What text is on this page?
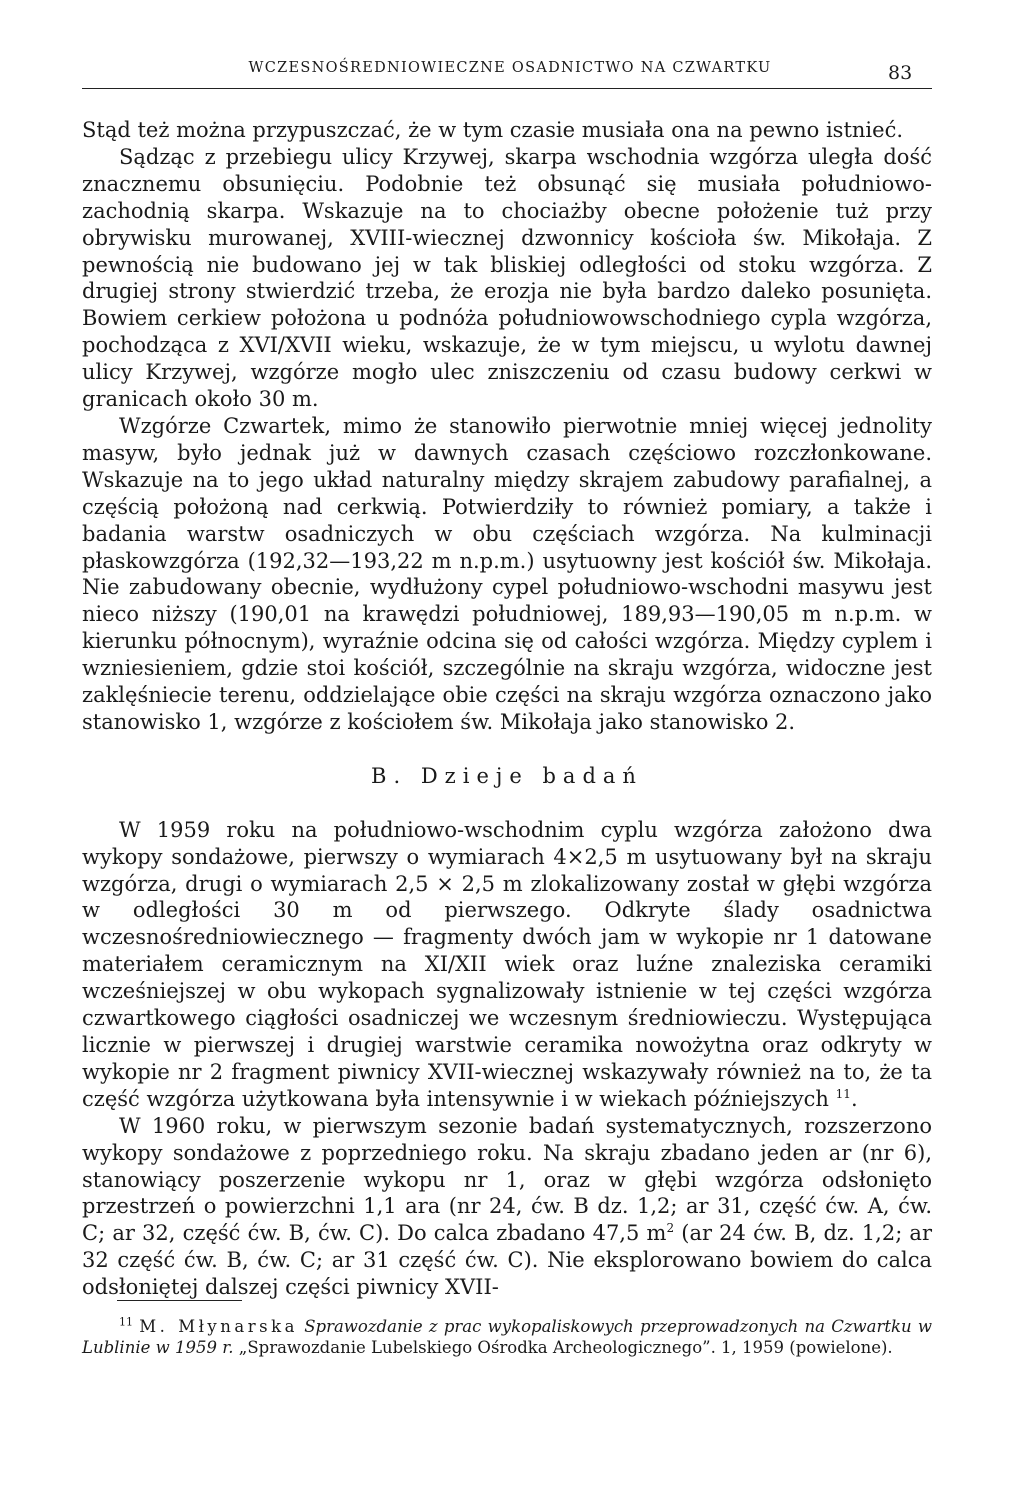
WCZESNOŚREDNIOWIECZNE OSADNICTWO NA CZWARTKU	83

Stąd też można przypuszczać, że w tym czasie musiała ona na pewno istnieć.

Sądząc z przebiegu ulicy Krzywej, skarpa wschodnia wzgórza uległa dość znacznemu obsunięciu. Podobnie też obsunąć się musiała południowo-zachodnią skarpa. Wskazuje na to chociażby obecne położenie tuż przy obrywisku murowanej, XVIII-wiecznej dzwonnicy kościoła św. Mikołaja. Z pewnością nie budowano jej w tak bliskiej odległości od stoku wzgórza. Z drugiej strony stwierdzić trzeba, że erozja nie była bardzo daleko posunięta. Bowiem cerkiew położona u podnóża południowowschodniego cypla wzgórza, pochodząca z XVI/XVII wieku, wskazuje, że w tym miejscu, u wylotu dawnej ulicy Krzywej, wzgórze mogło ulec zniszczeniu od czasu budowy cerkwi w granicach około 30 m.

Wzgórze Czwartek, mimo że stanowiło pierwotnie mniej więcej jednolity masyw, było jednak już w dawnych czasach częściowo rozczłonkowane. Wskazuje na to jego układ naturalny między skrajem zabudowy parafialnej, a częścią położoną nad cerkwią. Potwierdziły to również pomiary, a także i badania warstw osadniczych w obu częściach wzgórza. Na kulminacji płaskowzgórza (192,32—193,22 m n.p.m.) usytuowny jest kościół św. Mikołaja. Nie zabudowany obecnie, wydłużony cypel południowo-wschodni masywu jest nieco niższy (190,01 na krawędzi południowej, 189,93—190,05 m n.p.m. w kierunku północnym), wyraźnie odcina się od całości wzgórza. Między cyplem i wzniesieniem, gdzie stoi kościół, szczególnie na skraju wzgórza, widoczne jest zaklęśniecie terenu, oddzielające obie części na skraju wzgórza oznaczono jako stanowisko 1, wzgórze z kościołem św. Mikołaja jako stanowisko 2.

B. Dzieje badań

W 1959 roku na południowo-wschodnim cyplu wzgórza założono dwa wykopy sondażowe, pierwszy o wymiarach 4×2,5 m usytuowany był na skraju wzgórza, drugi o wymiarach 2,5 × 2,5 m zlokalizowany został w głębi wzgórza w odległości 30 m od pierwszego. Odkryte ślady osadnictwa wczesnośredniowiecznego — fragmenty dwóch jam w wykopie nr 1 datowane materiałem ceramicznym na XI/XII wiek oraz luźne znaleziska ceramiki wcześniejszej w obu wykopach sygnalizowały istnienie w tej części wzgórza czwartkowego ciągłości osadniczej we wczesnym średniowieczu. Występująca licznie w pierwszej i drugiej warstwie ceramika nowożytna oraz odkryty w wykopie nr 2 fragment piwnicy XVII-wiecznej wskazywały również na to, że ta część wzgórza użytkowana była intensywnie i w wiekach późniejszych $^{11}$.

W 1960 roku, w pierwszym sezonie badań systematycznych, rozszerzono wykopy sondażowe z poprzedniego roku. Na skraju zbadano jeden ar (nr 6), stanowiący poszerzenie wykopu nr 1, oraz w głębi wzgórza odsłonięto przestrzeń o powierzchni 1,1 ara (nr 24, ćw. B dz. 1,2; ar 31, część ćw. A, ćw. C; ar 32, część ćw. B, ćw. C). Do calca zbadano 47,5 $m^2$ (ar 24 ćw. B, dz. 1,2; ar 32 część ćw. B, ćw. C; ar 31 część ćw. C). Nie eksplorowano bowiem do calca odsłoniętej dalszej części piwnicy XVII-

$^{11}$ M. Młynarska Sprawozdanie z prac wykopaliskowych przeprowadzonych na Czwartku w Lublinie w 1959 r. „Sprawozdanie Lubelskiego Ośrodka Archeologicznego”. 1, 1959 (powielone).
